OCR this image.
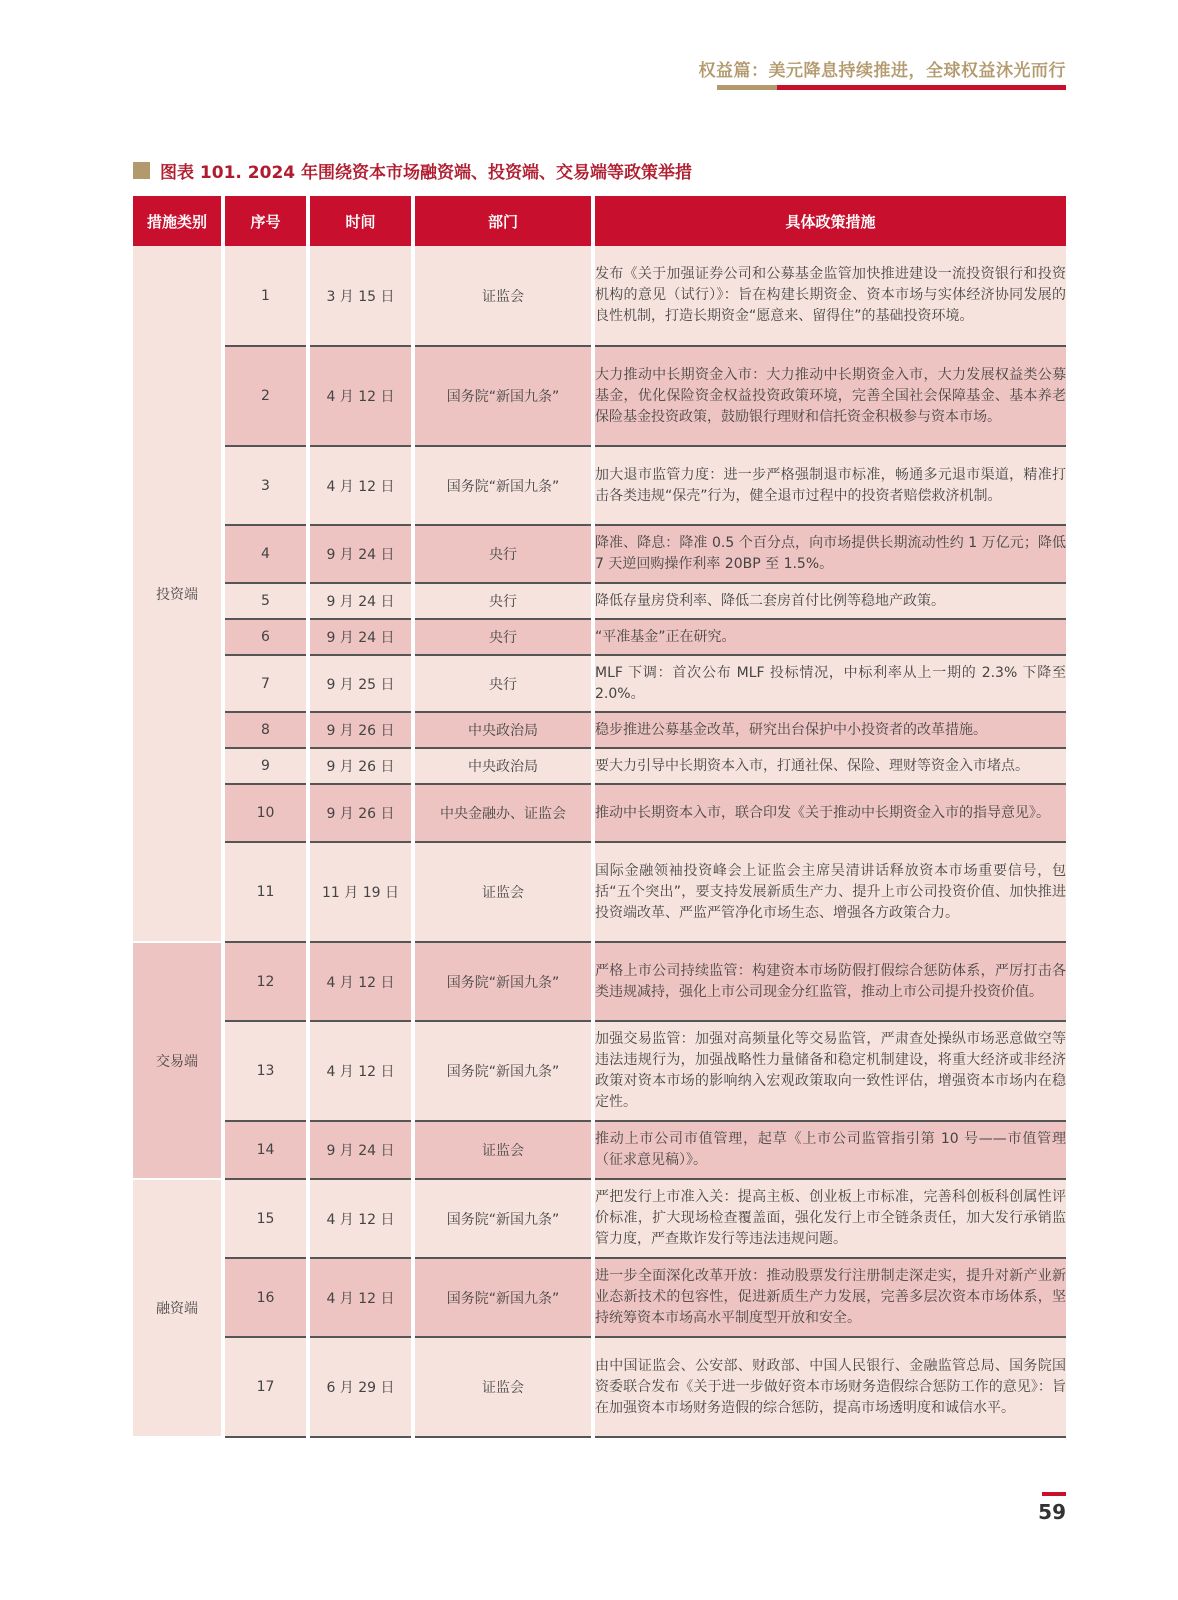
权益篇：美元降息持续推进，全球权益沐光而行
图表 101. 2024 年围绕资本市场融资端、投资端、交易端等政策举措
措施类别	序号	时间	部门	具体政策措施
投资端	1	3 月 15 日	证监会	发布《关于加强证券公司和公募基金监管加快推进建设一流投资银行和投资机构的意见（试行）》：旨在构建长期资金、资本市场与实体经济协同发展的良性机制，打造长期资金“愿意来、留得住”的基础投资环境。
	2	4 月 12 日	国务院“新国九条”	大力推动中长期资金入市：大力推动中长期资金入市，大力发展权益类公募基金，优化保险资金权益投资政策环境，完善全国社会保障基金、基本养老保险基金投资政策，鼓励银行理财和信托资金积极参与资本市场。
	3	4 月 12 日	国务院“新国九条”	加大退市监管力度：进一步严格强制退市标准，畅通多元退市渠道，精准打击各类违规“保壳”行为，健全退市过程中的投资者赔偿救济机制。
	4	9 月 24 日	央行	降准、降息：降准 0.5 个百分点，向市场提供长期流动性约 1 万亿元；降低 7 天逆回购操作利率 20BP 至 1.5%。
	5	9 月 24 日	央行	降低存量房贷利率、降低二套房首付比例等稳地产政策。
	6	9 月 24 日	央行	“平准基金”正在研究。
	7	9 月 25 日	央行	MLF 下调：首次公布 MLF 投标情况，中标利率从上一期的 2.3% 下降至 2.0%。
	8	9 月 26 日	中央政治局	稳步推进公募基金改革，研究出台保护中小投资者的改革措施。
	9	9 月 26 日	中央政治局	要大力引导中长期资本入市，打通社保、保险、理财等资金入市堵点。
	10	9 月 26 日	中央金融办、证监会	推动中长期资本入市，联合印发《关于推动中长期资金入市的指导意见》。
	11	11 月 19 日	证监会	国际金融领袖投资峰会上证监会主席吴清讲话释放资本市场重要信号，包括“五个突出”，要支持发展新质生产力、提升上市公司投资价值、加快推进投资端改革、严监严管净化市场生态、增强各方政策合力。
交易端	12	4 月 12 日	国务院“新国九条”	严格上市公司持续监管：构建资本市场防假打假综合惩防体系，严厉打击各类违规减持，强化上市公司现金分红监管，推动上市公司提升投资价值。
	13	4 月 12 日	国务院“新国九条”	加强交易监管：加强对高频量化等交易监管，严肃查处操纵市场恶意做空等违法违规行为，加强战略性力量储备和稳定机制建设，将重大经济或非经济政策对资本市场的影响纳入宏观政策取向一致性评估，增强资本市场内在稳定性。
	14	9 月 24 日	证监会	推动上市公司市值管理，起草《上市公司监管指引第 10 号——市值管理（征求意见稿）》。
融资端	15	4 月 12 日	国务院“新国九条”	严把发行上市准入关：提高主板、创业板上市标准，完善科创板科创属性评价标准，扩大现场检查覆盖面，强化发行上市全链条责任，加大发行承销监管力度，严查欺诈发行等违法违规问题。
	16	4 月 12 日	国务院“新国九条”	进一步全面深化改革开放：推动股票发行注册制走深走实，提升对新产业新业态新技术的包容性，促进新质生产力发展，完善多层次资本市场体系，坚持统筹资本市场高水平制度型开放和安全。
	17	6 月 29 日	证监会	由中国证监会、公安部、财政部、中国人民银行、金融监管总局、国务院国资委联合发布《关于进一步做好资本市场财务造假综合惩防工作的意见》：旨在加强资本市场财务造假的综合惩防，提高市场透明度和诚信水平。
59
